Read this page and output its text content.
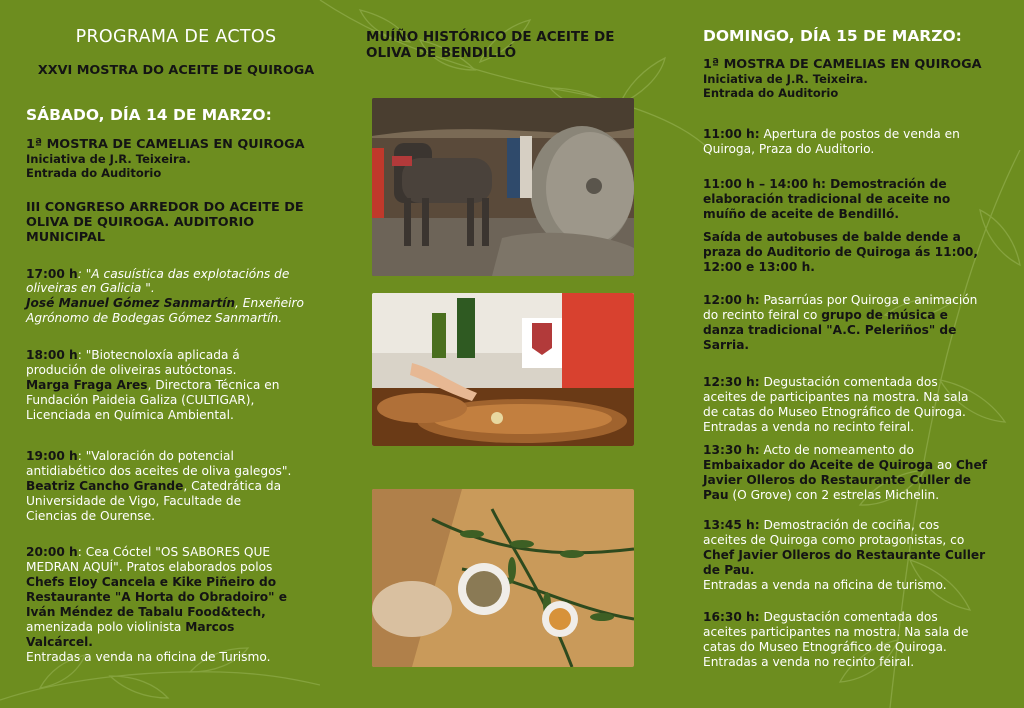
PROGRAMA DE ACTOS
XXVI MOSTRA DO ACEITE DE QUIROGA
SÁBADO, DÍA 14 DE MARZO:
1ª MOSTRA DE CAMELIAS EN QUIROGA
Iniciativa de J.R. Teixeira.
Entrada do Auditorio
III CONGRESO ARREDOR DO ACEITE DE
OLIVA DE QUIROGA. AUDITORIO
MUNICIPAL
17:00 h: "A casuística das explotacións de
oliveiras en Galicia ".
José Manuel Gómez Sanmartín, Enxeñeiro
Agrónomo de Bodegas Gómez Sanmartín.
18:00 h: "Biotecnoloxía aplicada á
produción de oliveiras autóctonas.
Marga Fraga Ares, Directora Técnica en
Fundación Paideia Galiza (CULTIGAR),
Licenciada en Química Ambiental.
19:00 h: "Valoración do potencial
antidiabético dos aceites de oliva galegos".
Beatriz Cancho Grande, Catedrática da
Universidade de Vigo, Facultade de
Ciencias de Ourense.
20:00 h: Cea Cóctel "OS SABORES QUE
MEDRAN AQUÍ". Pratos elaborados polos
Chefs Eloy Cancela e Kike Piñeiro do
Restaurante "A Horta do Obradoiro" e
Iván Méndez de Tabalu Food&tech,
amenizada polo violinista Marcos
Valcárcel.
Entradas a venda na oficina de Turismo.
MUÍÑO HISTÓRICO DE ACEITE DE
OLIVA DE BENDILLÓ
DOMINGO, DÍA 15 DE MARZO:
1ª MOSTRA DE CAMELIAS EN QUIROGA
Iniciativa de J.R. Teixeira.
Entrada do Auditorio
11:00 h: Apertura de postos de venda en
Quiroga, Praza do Auditorio.
11:00 h – 14:00 h: Demostración de
elaboración tradicional de aceite no
muíño de aceite de Bendilló.
Saída de autobuses de balde dende a
praza do Auditorio de Quiroga ás 11:00,
12:00 e 13:00 h.
12:00 h: Pasarrúas por Quiroga e animación
do recinto feiral co grupo de música e
danza tradicional "A.C. Peleriños" de
Sarria.
12:30 h: Degustación comentada dos
aceites de participantes na mostra. Na sala
de catas do Museo Etnográfico de Quiroga.
Entradas a venda no recinto feiral.
13:30 h: Acto de nomeamento do
Embaixador do Aceite de Quiroga ao Chef
Javier Olleros do Restaurante Culler de
Pau (O Grove) con 2 estrelas Michelin.
13:45 h: Demostración de cociña, cos
aceites de Quiroga como protagonistas, co
Chef Javier Olleros do Restaurante Culler
de Pau.
Entradas a venda na oficina de turismo.
16:30 h: Degustación comentada dos
aceites participantes na mostra. Na sala de
catas do Museo Etnográfico de Quiroga.
Entradas a venda no recinto feiral.
